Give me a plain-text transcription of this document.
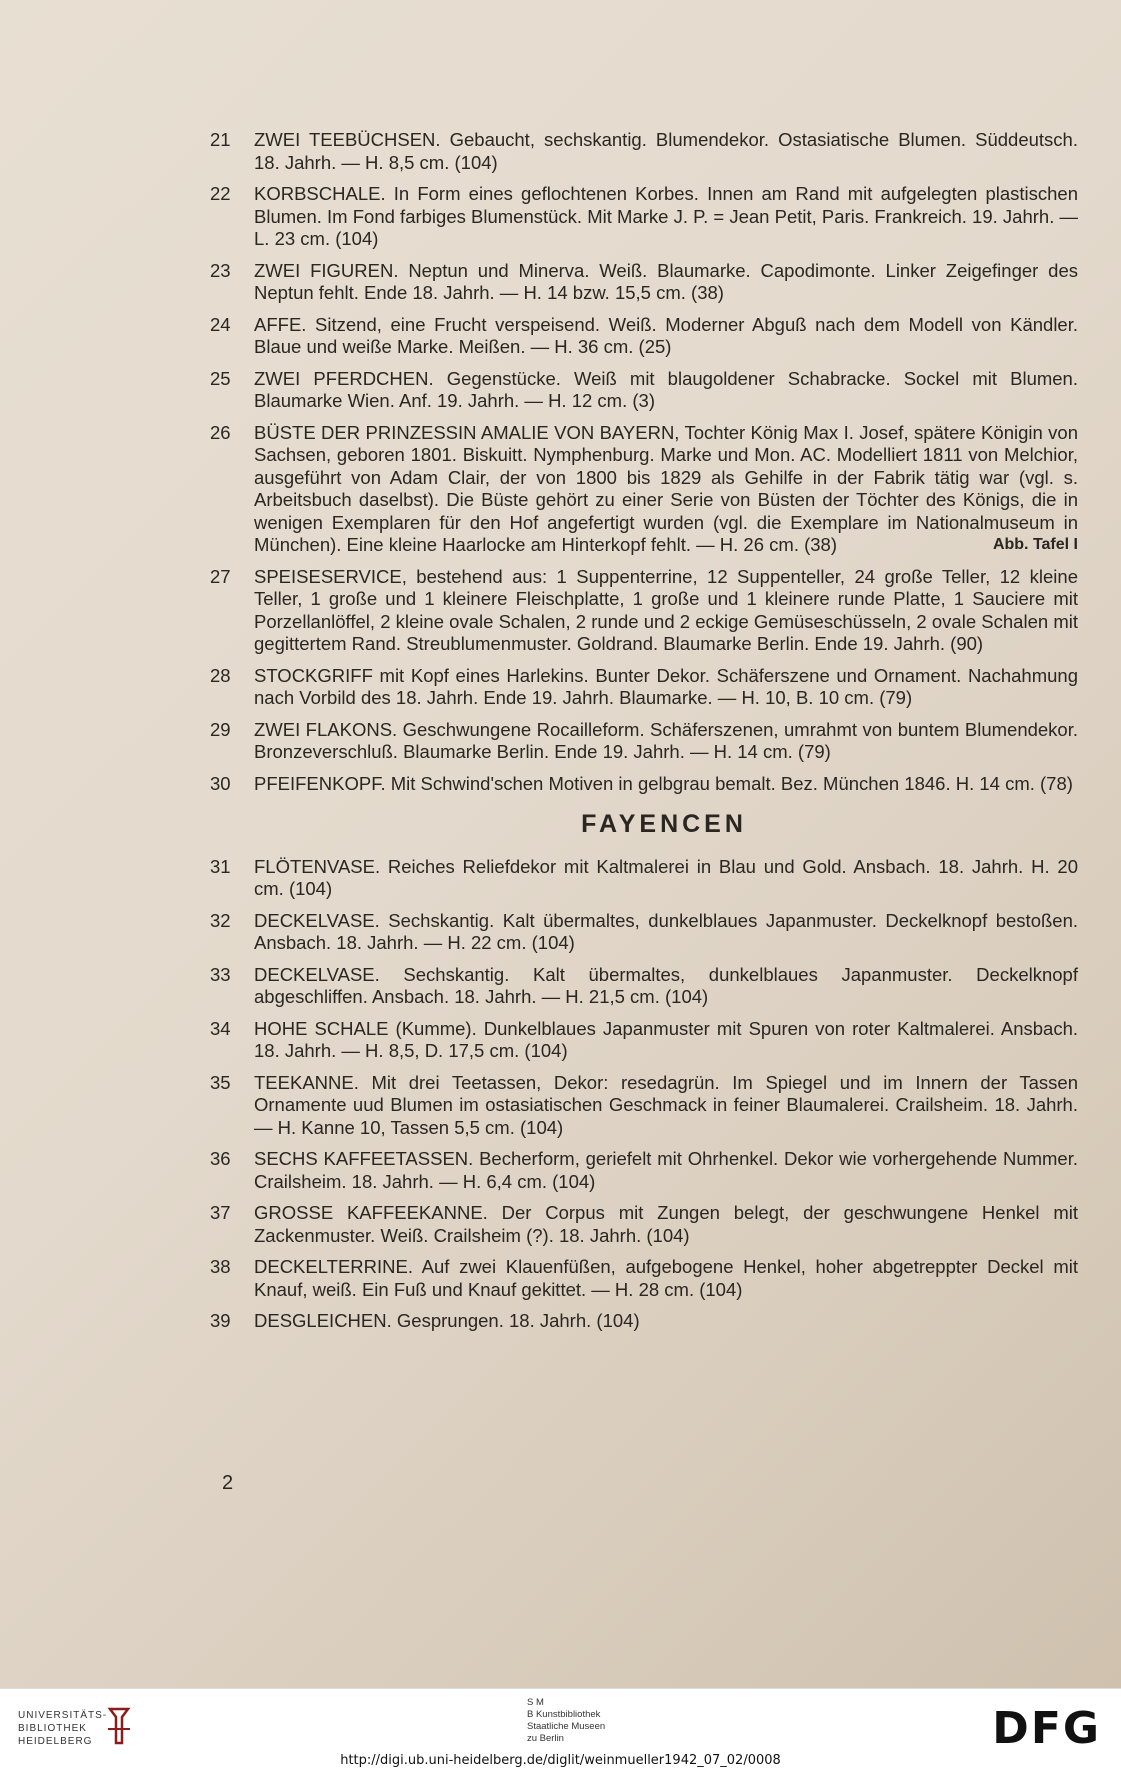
21	ZWEI TEEBÜCHSEN. Gebaucht, sechskantig. Blumendekor. Ostasiatische Blumen. Süddeutsch. 18. Jahrh. — H. 8,5 cm. (104)
22	KORBSCHALE. In Form eines geflochtenen Korbes. Innen am Rand mit aufgelegten plastischen Blumen. Im Fond farbiges Blumenstück. Mit Marke J. P. = Jean Petit, Paris. Frankreich. 19. Jahrh. — L. 23 cm. (104)
23	ZWEI FIGUREN. Neptun und Minerva. Weiß. Blaumarke. Capodimonte. Linker Zeigefinger des Neptun fehlt. Ende 18. Jahrh. — H. 14 bzw. 15,5 cm. (38)
24	AFFE. Sitzend, eine Frucht verspeisend. Weiß. Moderner Abguß nach dem Modell von Kändler. Blaue und weiße Marke. Meißen. — H. 36 cm. (25)
25	ZWEI PFERDCHEN. Gegenstücke. Weiß mit blaugoldener Schabracke. Sockel mit Blumen. Blaumarke Wien. Anf. 19. Jahrh. — H. 12 cm. (3)
26	BÜSTE DER PRINZESSIN AMALIE VON BAYERN, Tochter König Max I. Josef, spätere Königin von Sachsen, geboren 1801. Biskuitt. Nymphenburg. Marke und Mon. AC. Modelliert 1811 von Melchior, ausgeführt von Adam Clair, der von 1800 bis 1829 als Gehilfe in der Fabrik tätig war (vgl. s. Arbeitsbuch daselbst). Die Büste gehört zu einer Serie von Büsten der Töchter des Königs, die in wenigen Exemplaren für den Hof angefertigt wurden (vgl. die Exemplare im Nationalmuseum in München). Eine kleine Haarlocke am Hinterkopf fehlt. — H. 26 cm. (38)	Abb. Tafel I
27	SPEISESERVICE, bestehend aus: 1 Suppenterrine, 12 Suppenteller, 24 große Teller, 12 kleine Teller, 1 große und 1 kleinere Fleischplatte, 1 große und 1 kleinere runde Platte, 1 Sauciere mit Porzellanlöffel, 2 kleine ovale Schalen, 2 runde und 2 eckige Gemüseschüsseln, 2 ovale Schalen mit gegittertem Rand. Streublumenmuster. Goldrand. Blaumarke Berlin. Ende 19. Jahrh. (90)
28	STOCKGRIFF mit Kopf eines Harlekins. Bunter Dekor. Schäferszene und Ornament. Nachahmung nach Vorbild des 18. Jahrh. Ende 19. Jahrh. Blaumarke. — H. 10, B. 10 cm. (79)
29	ZWEI FLAKONS. Geschwungene Rocailleform. Schäferszenen, umrahmt von buntem Blumendekor. Bronzeverschluß. Blaumarke Berlin. Ende 19. Jahrh. — H. 14 cm. (79)
30	PFEIFENKOPF. Mit Schwind'schen Motiven in gelbgrau bemalt. Bez. München 1846. H. 14 cm. (78)
FAYENCEN
31	FLÖTENVASE. Reiches Reliefdekor mit Kaltmalerei in Blau und Gold. Ansbach. 18. Jahrh. H. 20 cm. (104)
32	DECKELVASE. Sechskantig. Kalt übermaltes, dunkelblaues Japanmuster. Deckelknopf bestoßen. Ansbach. 18. Jahrh. — H. 22 cm. (104)
33	DECKELVASE. Sechskantig. Kalt übermaltes, dunkelblaues Japanmuster. Deckelknopf abgeschliffen. Ansbach. 18. Jahrh. — H. 21,5 cm. (104)
34	HOHE SCHALE (Kumme). Dunkelblaues Japanmuster mit Spuren von roter Kaltmalerei. Ansbach. 18. Jahrh. — H. 8,5, D. 17,5 cm. (104)
35	TEEKANNE. Mit drei Teetassen, Dekor: resedagrün. Im Spiegel und im Innern der Tassen Ornamente uud Blumen im ostasiatischen Geschmack in feiner Blaumalerei. Crailsheim. 18. Jahrh. — H. Kanne 10, Tassen 5,5 cm. (104)
36	SECHS KAFFEETASSEN. Becherform, geriefelt mit Ohrhenkel. Dekor wie vorhergehende Nummer. Crailsheim. 18. Jahrh. — H. 6,4 cm. (104)
37	GROSSE KAFFEEKANNE. Der Corpus mit Zungen belegt, der geschwungene Henkel mit Zackenmuster. Weiß. Crailsheim (?). 18. Jahrh. (104)
38	DECKELTERRINE. Auf zwei Klauenfüßen, aufgebogene Henkel, hoher abgetreppter Deckel mit Knauf, weiß. Ein Fuß und Knauf gekittet. — H. 28 cm. (104)
39	DESGLEICHEN. Gesprungen. 18. Jahrh. (104)
2
UNIVERSITÄTS-
BIBLIOTHEK
HEIDELBERG
S M
B Kunstbibliothek
Staatliche Museen
zu Berlin	DFG
http://digi.ub.uni-heidelberg.de/diglit/weinmueller1942_07_02/0008
